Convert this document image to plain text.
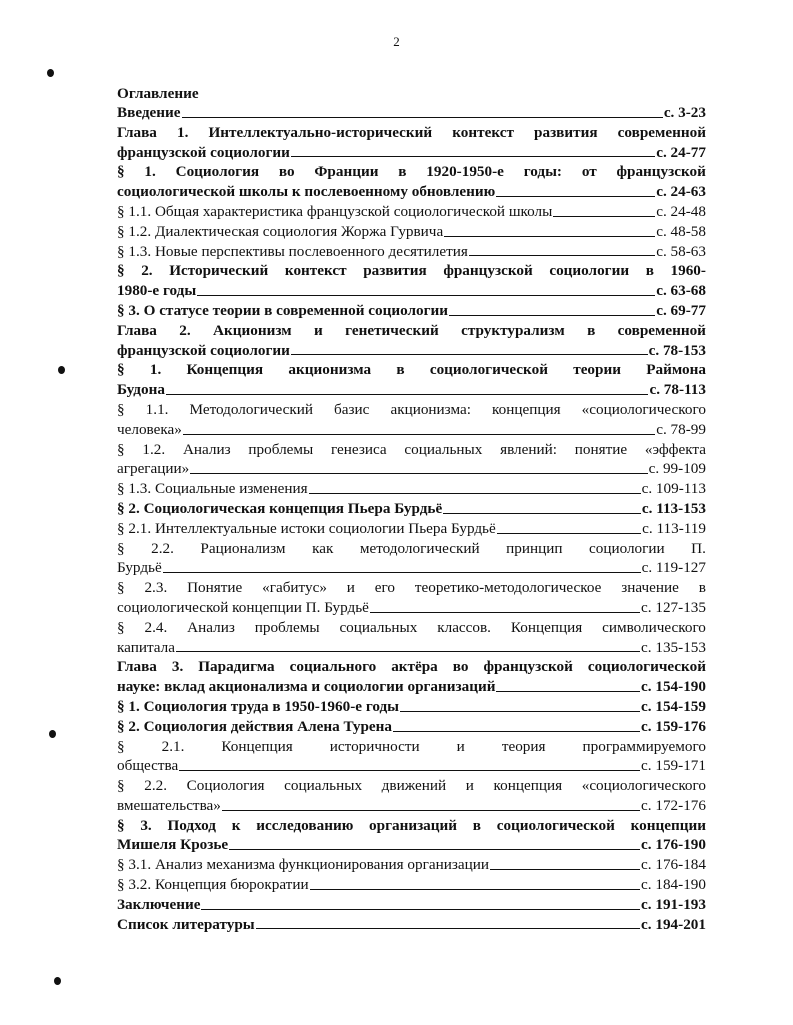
2
Оглавление
Введение	с. 3-23
Глава 1. Интеллектуально-исторический контекст развития современной
французской социологии	с. 24-77
§ 1. Социология во Франции в 1920-1950-е годы: от французской
социологической школы к послевоенному обновлению	с. 24-63
§ 1.1. Общая характеристика французской социологической школы	с. 24-48
§ 1.2. Диалектическая социология Жоржа Гурвича	с. 48-58
§ 1.3. Новые перспективы послевоенного десятилетия	с. 58-63
§ 2. Исторический контекст развития французской социологии в 1960-
1980-е годы	с. 63-68
§ 3. О статусе теории в современной социологии	с. 69-77
Глава 2. Акционизм и генетический структурализм в современной
французской социологии	с. 78-153
§ 1. Концепция акционизма в социологической теории Раймона
Будона	с. 78-113
§ 1.1. Методологический базис акционизма: концепция «социологического
человека»	с. 78-99
§ 1.2. Анализ проблемы генезиса социальных явлений: понятие «эффекта
агрегации»	с. 99-109
§ 1.3. Социальные изменения	с. 109-113
§ 2. Социологическая концепция Пьера Бурдьё	с. 113-153
§ 2.1. Интеллектуальные истоки социологии Пьера Бурдьё	с. 113-119
§ 2.2. Рационализм как методологический принцип социологии П.
Бурдьё	с. 119-127
§ 2.3. Понятие «габитус» и его теоретико-методологическое значение в
социологической концепции П. Бурдьё	с. 127-135
§ 2.4. Анализ проблемы социальных классов. Концепция символического
капитала	с. 135-153
Глава 3. Парадигма социального актёра во французской социологической
науке: вклад акционализма и социологии организаций	с. 154-190
§ 1. Социология труда в 1950-1960-е годы	с. 154-159
§ 2. Социология действия Алена Турена	с. 159-176
§ 2.1. Концепция историчности и теория программируемого
общества	с. 159-171
§ 2.2. Социология социальных движений и концепция «социологического
вмешательства»	с. 172-176
§ 3. Подход к исследованию организаций в социологической концепции
Мишеля Крозье	с. 176-190
§ 3.1. Анализ механизма функционирования организации	с. 176-184
§ 3.2. Концепция бюрократии	с. 184-190
Заключение	с. 191-193
Список литературы	с. 194-201
